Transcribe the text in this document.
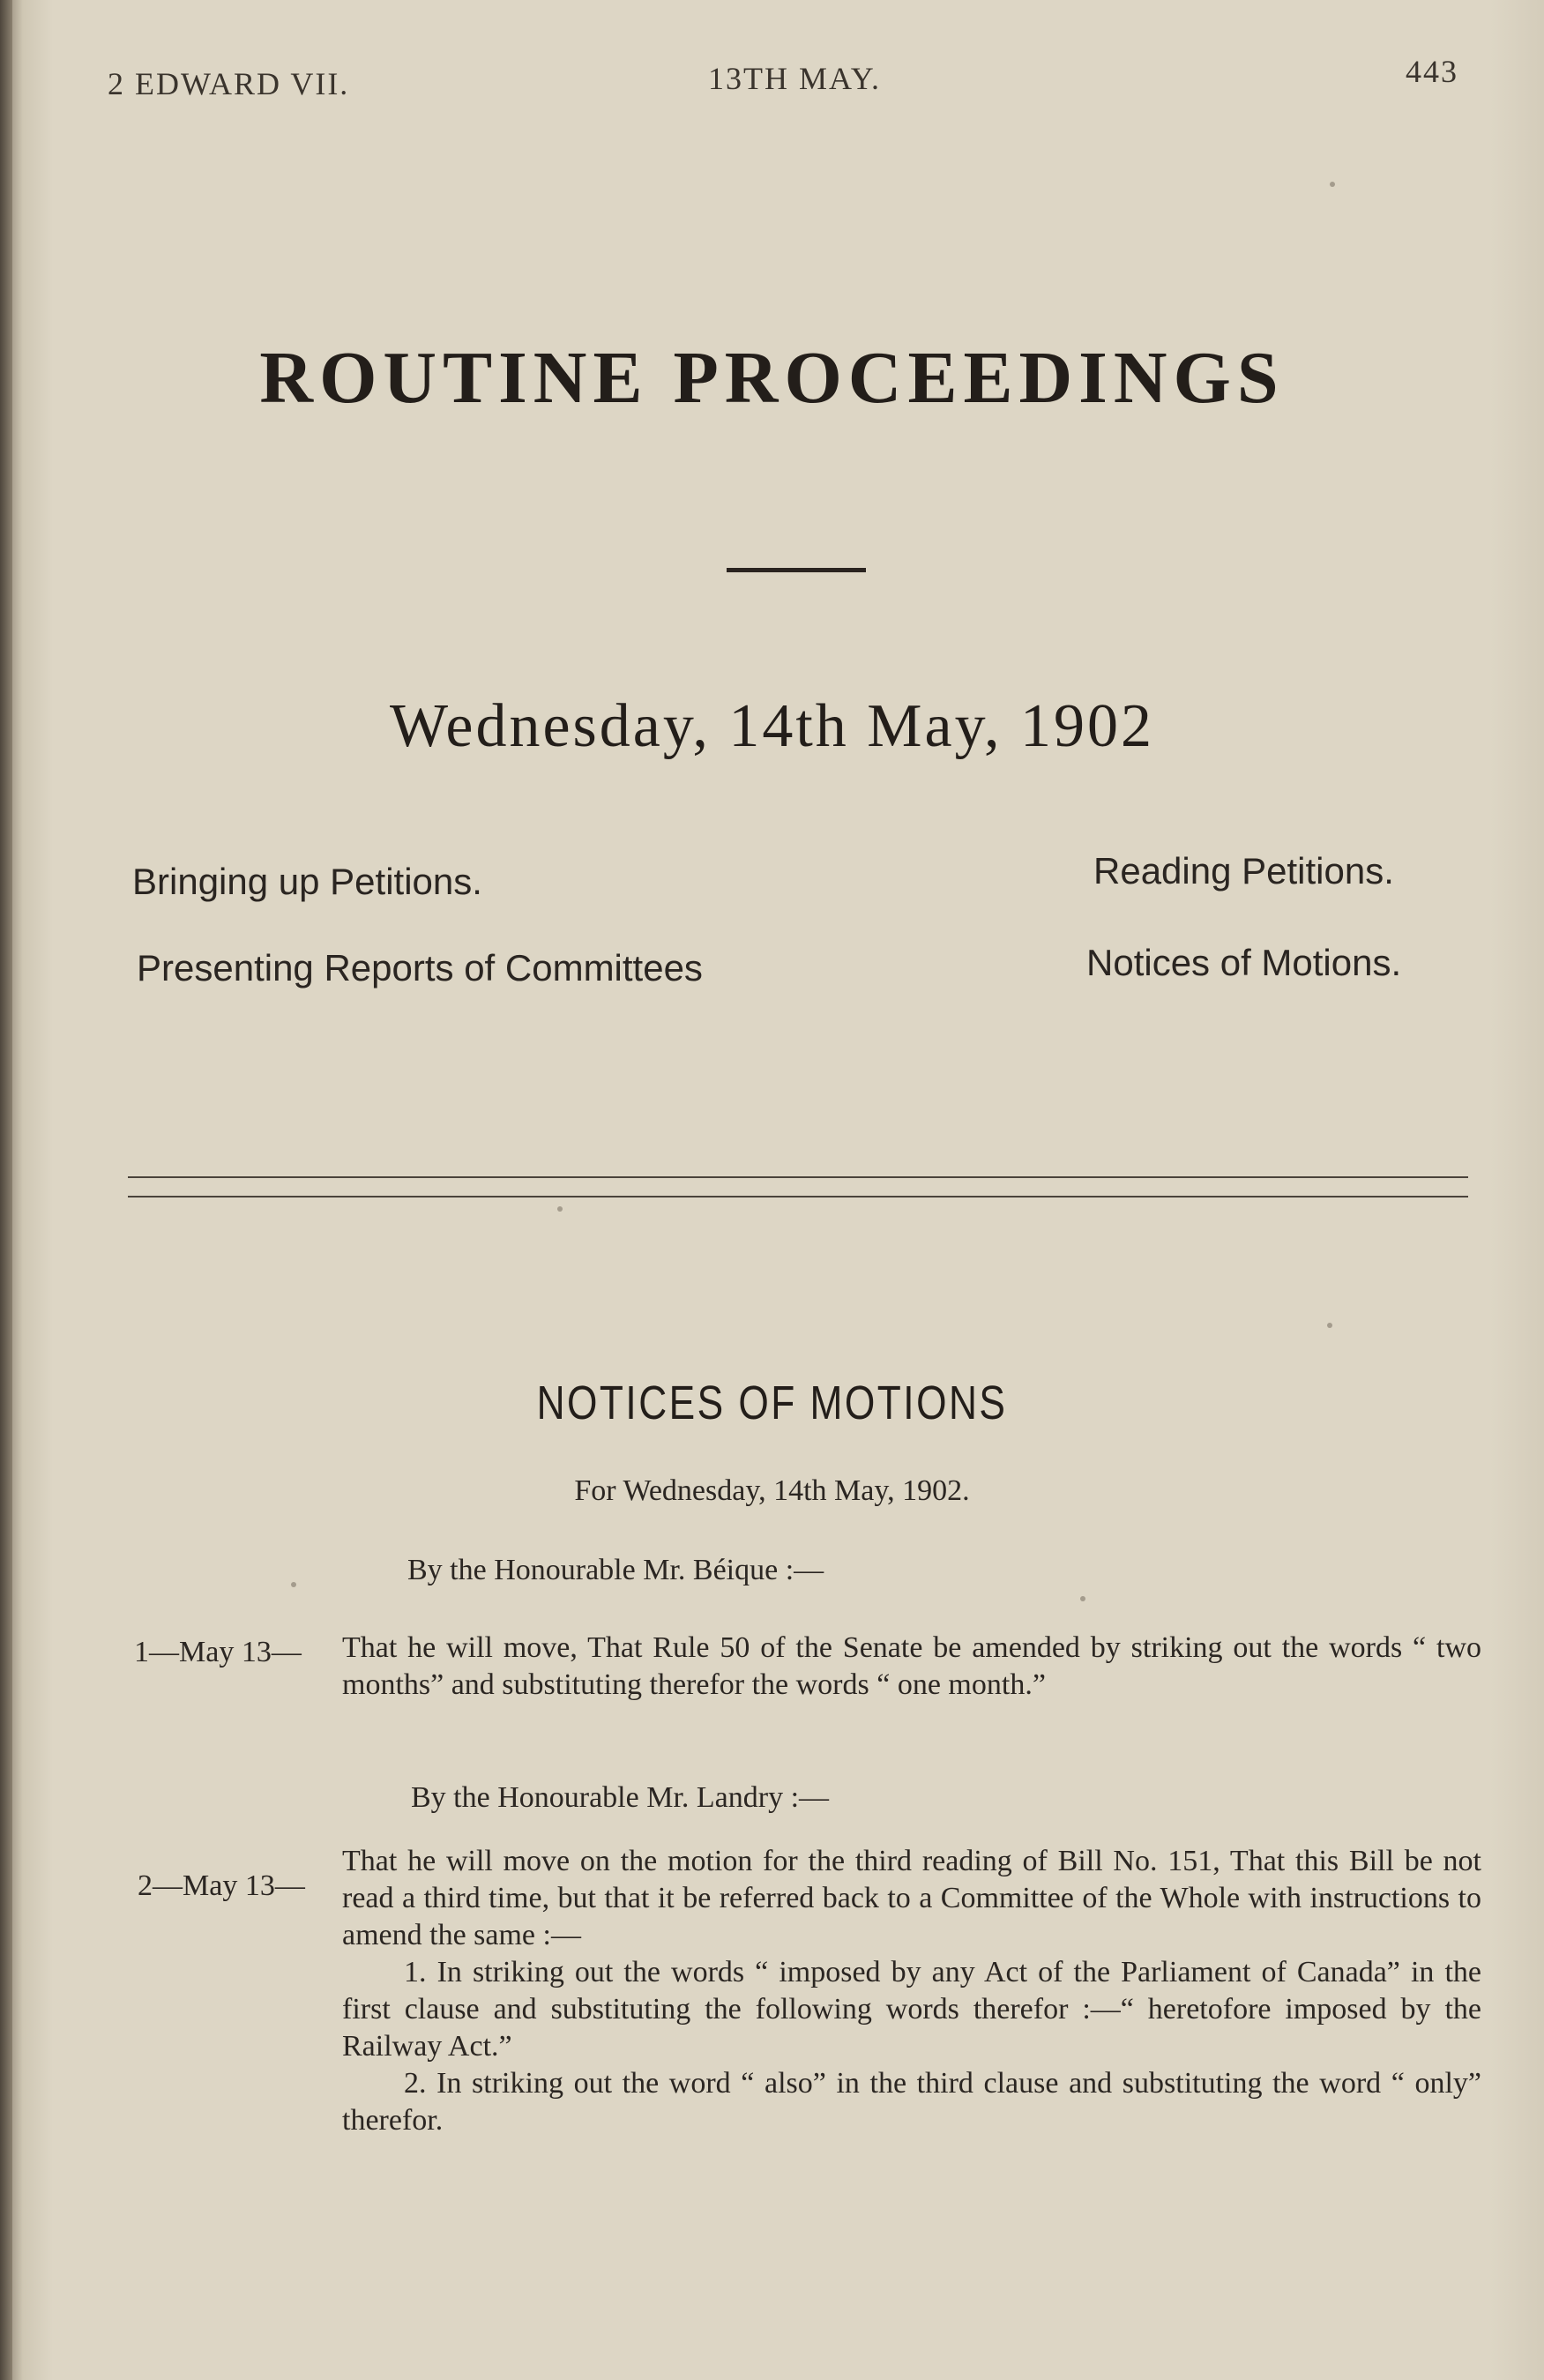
2 EDWARD VII.	13TH MAY.	443
ROUTINE PROCEEDINGS
Wednesday, 14th May, 1902
Bringing up Petitions.
Presenting Reports of Committees
Reading Petitions.
Notices of Motions.
NOTICES OF MOTIONS
For Wednesday, 14th May, 1902.
By the Honourable Mr. Béique :—
1—May 13— That he will move, That Rule 50 of the Senate be amended by striking out the words “ two months” and substituting therefor the words “ one month.”

By the Honourable Mr. Landry :—
2—May 13—

That he will move on the motion for the third reading of Bill No. 151, That this Bill be not read a third time, but that it be referred back to a Committee of the Whole with instructions to amend the same :—

1. In striking out the words “ imposed by any Act of the Parliament of Canada” in the first clause and substituting the following words therefor :—“ heretofore imposed by the Railway Act.”

2. In striking out the word “ also” in the third clause and substituting the word “ only” therefor.
